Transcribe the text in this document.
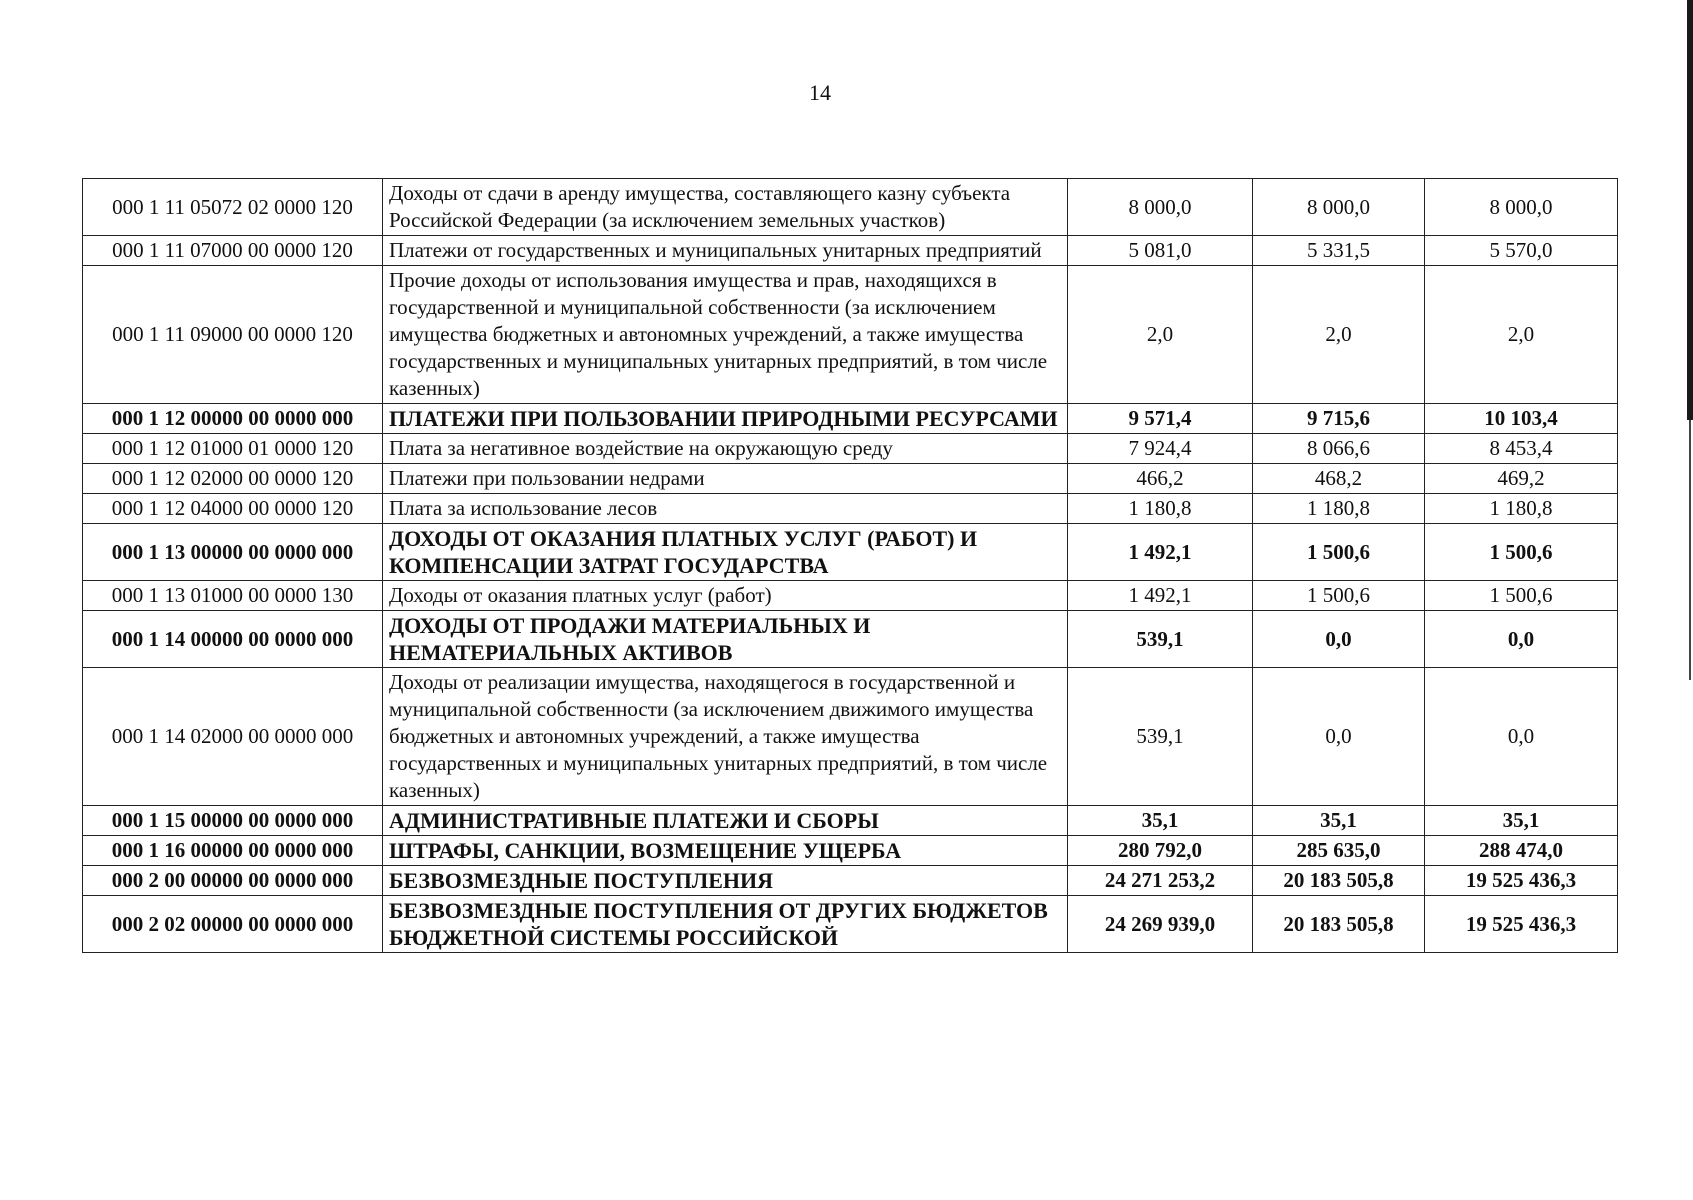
14
000 1 11 05072 02 0000 120	Доходы от сдачи в аренду имущества, составляющего казну субъекта Российской Федерации (за исключением земельных участков)	8 000,0	8 000,0	8 000,0
000 1 11 07000 00 0000 120	Платежи от государственных и муниципальных унитарных предприятий	5 081,0	5 331,5	5 570,0
000 1 11 09000 00 0000 120	Прочие доходы от использования имущества и прав, находящихся в государственной и муниципальной собственности (за исключением имущества бюджетных и автономных учреждений, а также имущества государственных и муниципальных унитарных предприятий, в том числе казенных)	2,0	2,0	2,0
000 1 12 00000 00 0000 000	ПЛАТЕЖИ ПРИ ПОЛЬЗОВАНИИ ПРИРОДНЫМИ РЕСУРСАМИ	9 571,4	9 715,6	10 103,4
000 1 12 01000 01 0000 120	Плата за негативное воздействие на окружающую среду	7 924,4	8 066,6	8 453,4
000 1 12 02000 00 0000 120	Платежи при пользовании недрами	466,2	468,2	469,2
000 1 12 04000 00 0000 120	Плата за использование лесов	1 180,8	1 180,8	1 180,8
000 1 13 00000 00 0000 000	ДОХОДЫ ОТ ОКАЗАНИЯ ПЛАТНЫХ УСЛУГ (РАБОТ) И КОМПЕНСАЦИИ ЗАТРАТ ГОСУДАРСТВА	1 492,1	1 500,6	1 500,6
000 1 13 01000 00 0000 130	Доходы от оказания платных услуг (работ)	1 492,1	1 500,6	1 500,6
000 1 14 00000 00 0000 000	ДОХОДЫ ОТ ПРОДАЖИ МАТЕРИАЛЬНЫХ И НЕМАТЕРИАЛЬНЫХ АКТИВОВ	539,1	0,0	0,0
000 1 14 02000 00 0000 000	Доходы от реализации имущества, находящегося в государственной и муниципальной собственности (за исключением движимого имущества бюджетных и автономных учреждений, а также имущества государственных и муниципальных унитарных предприятий, в том числе казенных)	539,1	0,0	0,0
000 1 15 00000 00 0000 000	АДМИНИСТРАТИВНЫЕ ПЛАТЕЖИ И СБОРЫ	35,1	35,1	35,1
000 1 16 00000 00 0000 000	ШТРАФЫ, САНКЦИИ, ВОЗМЕЩЕНИЕ УЩЕРБА	280 792,0	285 635,0	288 474,0
000 2 00 00000 00 0000 000	БЕЗВОЗМЕЗДНЫЕ ПОСТУПЛЕНИЯ	24 271 253,2	20 183 505,8	19 525 436,3
000 2 02 00000 00 0000 000	БЕЗВОЗМЕЗДНЫЕ ПОСТУПЛЕНИЯ ОТ ДРУГИХ БЮДЖЕТОВ БЮДЖЕТНОЙ СИСТЕМЫ РОССИЙСКОЙ	24 269 939,0	20 183 505,8	19 525 436,3
